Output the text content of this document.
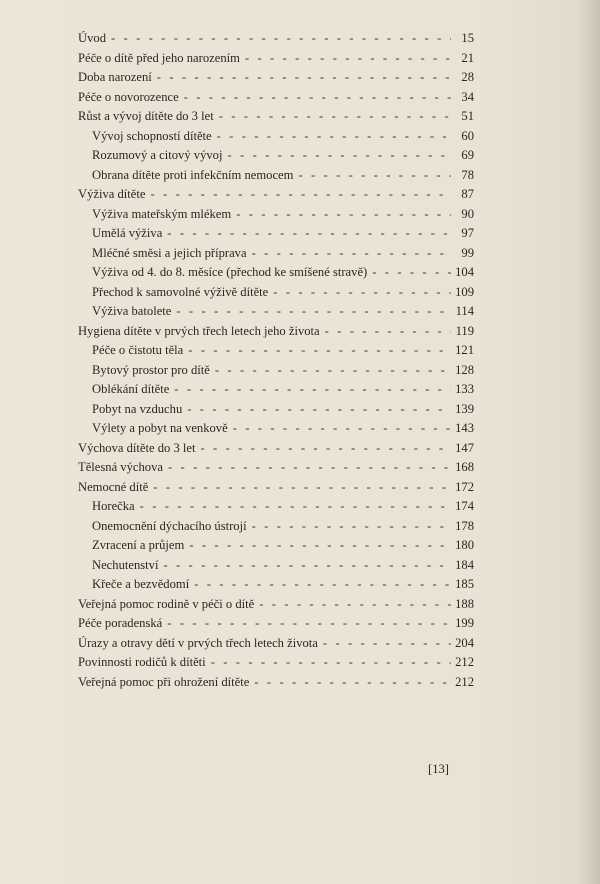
Úvod - - -	15
Péče o dítě před jeho narozením - - -	21
Doba narození - - -	28
Péče o novorozence - - -	34
Růst a vývoj dítěte do 3 let - - -	51
Vývoj schopností dítěte - - -	60
Rozumový a citový vývoj - - -	69
Obrana dítěte proti infekčním nemocem - - -	78
Výživa dítěte - - -	87
Výživa mateřským mlékem - - -	90
Umělá výživa - - -	97
Mléčné směsi a jejich příprava - - -	99
Výživa od 4. do 8. měsíce (přechod ke smíšené stravě) - - -	104
Přechod k samovolné výživě dítěte - - -	109
Výživa batolete - - -	114
Hygiena dítěte v prvých třech letech jeho života - - -	119
Péče o čistotu těla - - -	121
Bytový prostor pro dítě - - -	128
Oblékání dítěte - - -	133
Pobyt na vzduchu - - -	139
Výlety a pobyt na venkově - - -	143
Výchova dítěte do 3 let - - -	147
Tělesná výchova - - -	168
Nemocné dítě - - -	172
Horečka - - -	174
Onemocnění dýchacího ústrojí - - -	178
Zvracení a průjem - - -	180
Nechutenství - - -	184
Křeče a bezvědomí - - -	185
Veřejná pomoc rodině v péči o dítě - - -	188
Péče poradenská - - -	199
Úrazy a otravy dětí v prvých třech letech života - - -	204
Povinnosti rodičů k dítěti - - -	212
Veřejná pomoc při ohrožení dítěte - - -	212
[13]
